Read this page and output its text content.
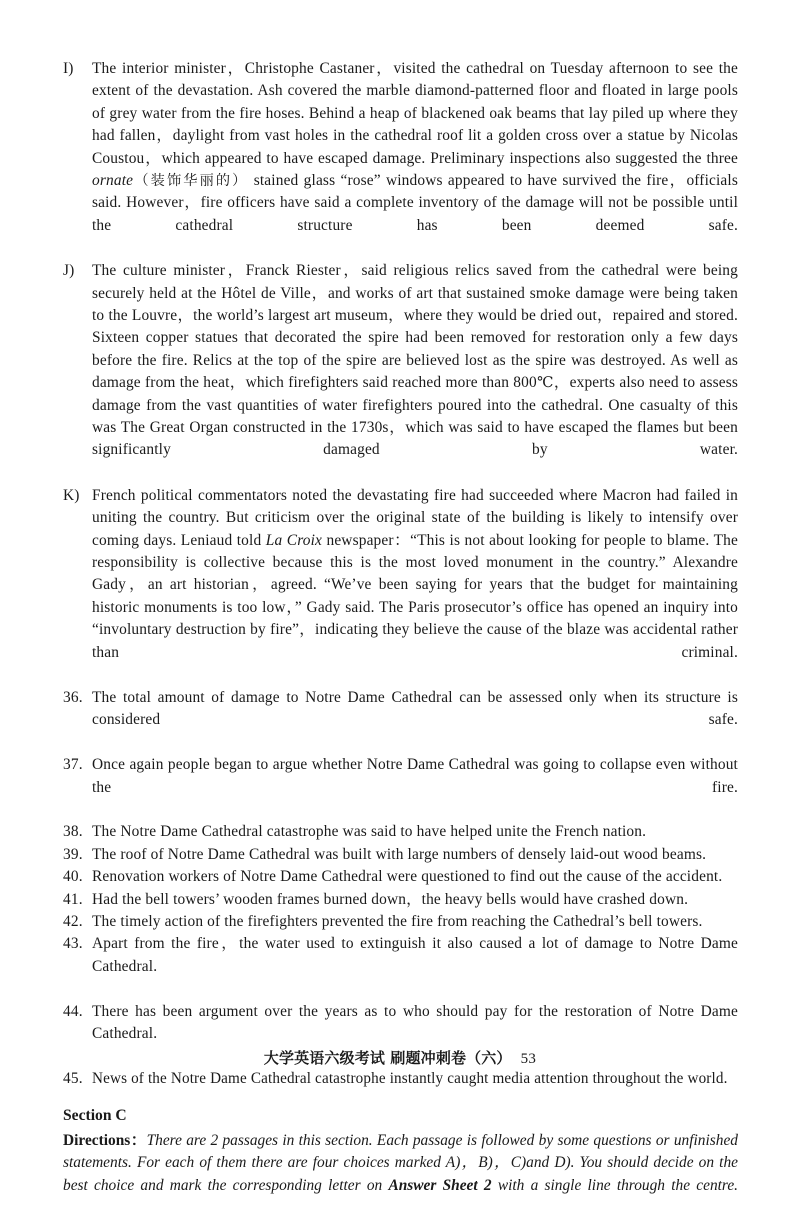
I)	The interior minister，Christophe Castaner，visited the cathedral on Tuesday afternoon to see the extent of the devastation. Ash covered the marble diamond-patterned floor and floated in large pools of grey water from the fire hoses. Behind a heap of blackened oak beams that lay piled up where they had fallen，daylight from vast holes in the cathedral roof lit a golden cross over a statue by Nicolas Coustou，which appeared to have escaped damage. Preliminary inspections also suggested the three ornate（装饰华丽的） stained glass “rose” windows appeared to have survived the fire，officials said. However，fire officers have said a complete inventory of the damage will not be possible until the cathedral structure has been deemed safe.
J)	The culture minister，Franck Riester，said religious relics saved from the cathedral were being securely held at the Hôtel de Ville，and works of art that sustained smoke damage were being taken to the Louvre，the world’s largest art museum，where they would be dried out，repaired and stored. Sixteen copper statues that decorated the spire had been removed for restoration only a few days before the fire. Relics at the top of the spire are believed lost as the spire was destroyed. As well as damage from the heat，which firefighters said reached more than 800℃，experts also need to assess damage from the vast quantities of water firefighters poured into the cathedral. One casualty of this was The Great Organ constructed in the 1730s，which was said to have escaped the flames but been significantly damaged by water.
K) French political commentators noted the devastating fire had succeeded where Macron had failed in uniting the country. But criticism over the original state of the building is likely to intensify over coming days. Leniaud told La Croix newspaper：“This is not about looking for people to blame. The responsibility is collective because this is the most loved monument in the country.” Alexandre Gady，an art historian，agreed. “We’ve been saying for years that the budget for maintaining historic monuments is too low，” Gady said. The Paris prosecutor’s office has opened an inquiry into “involuntary destruction by fire”，indicating they believe the cause of the blaze was accidental rather than criminal.
36. The total amount of damage to Notre Dame Cathedral can be assessed only when its structure is considered safe.
37. Once again people began to argue whether Notre Dame Cathedral was going to collapse even without the fire.
38. The Notre Dame Cathedral catastrophe was said to have helped unite the French nation.
39. The roof of Notre Dame Cathedral was built with large numbers of densely laid-out wood beams.
40. Renovation workers of Notre Dame Cathedral were questioned to find out the cause of the accident.
41. Had the bell towers’ wooden frames burned down，the heavy bells would have crashed down.
42. The timely action of the firefighters prevented the fire from reaching the Cathedral’s bell towers.
43. Apart from the fire，the water used to extinguish it also caused a lot of damage to Notre Dame Cathedral.
44. There has been argument over the years as to who should pay for the restoration of Notre Dame Cathedral.
45. News of the Notre Dame Cathedral catastrophe instantly caught media attention throughout the world.
Section C
Directions：There are 2 passages in this section. Each passage is followed by some questions or unfinished statements. For each of them there are four choices marked A)，B)，C)and D). You should decide on the best choice and mark the corresponding letter on Answer Sheet 2 with a single line through the centre.
大学英语六级考试 刷题冲刺卷（六） 53
